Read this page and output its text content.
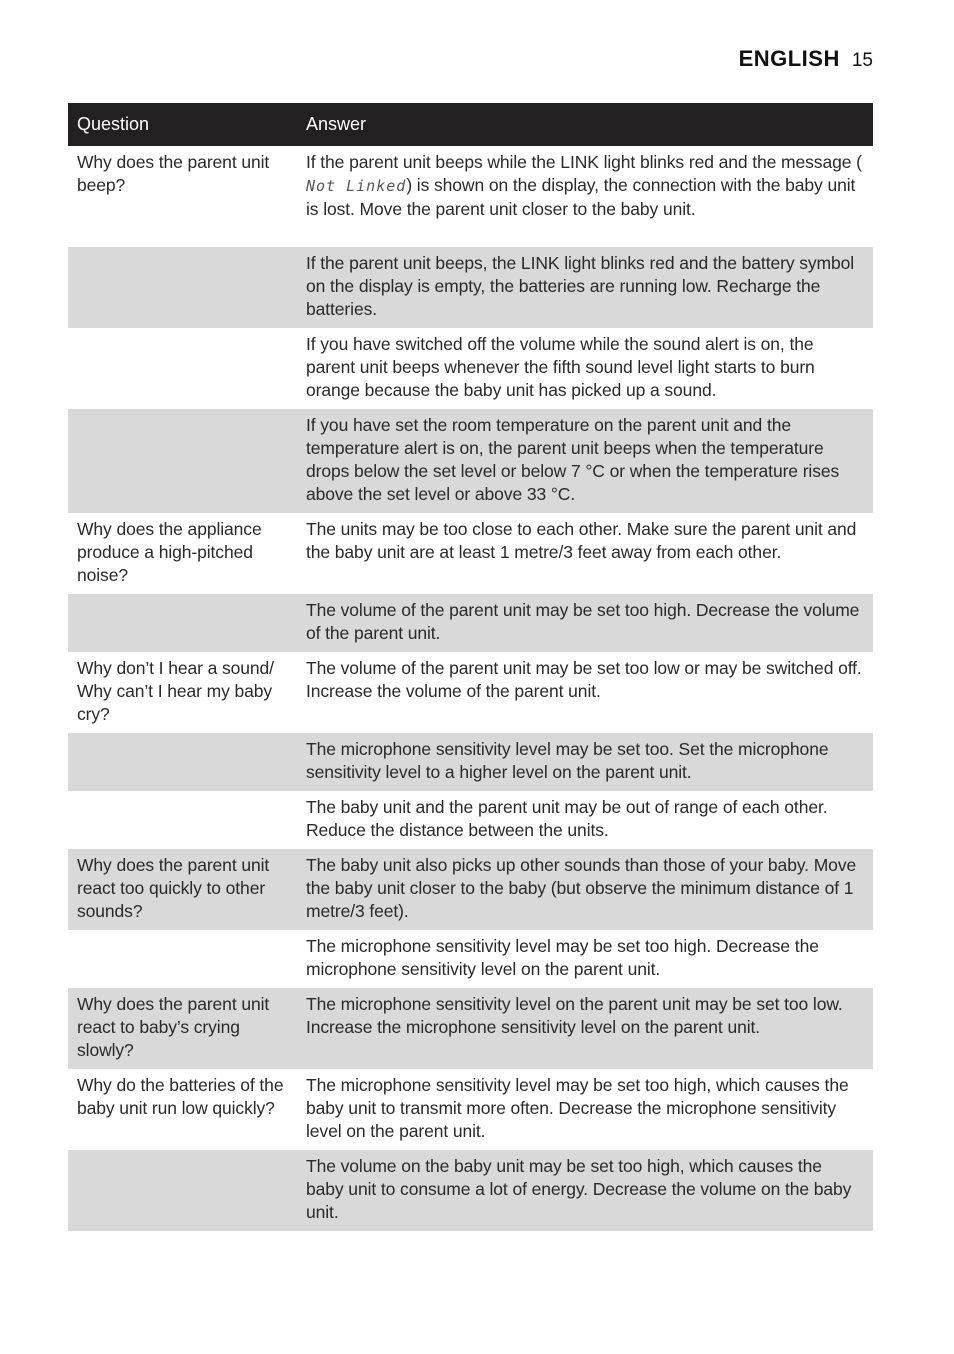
ENGLISH 15
Question	Answer
Why does the parent unit beep?	If the parent unit beeps while the LINK light blinks red and the message ( Not Linked) is shown on the display, the connection with the baby unit is lost. Move the parent unit closer to the baby unit.
	If the parent unit beeps, the LINK light blinks red and the battery symbol on the display is empty, the batteries are running low. Recharge the batteries.
	If you have switched off the volume while the sound alert is on, the parent unit beeps whenever the fifth sound level light starts to burn orange because the baby unit has picked up a sound.
	If you have set the room temperature on the parent unit and the temperature alert is on, the parent unit beeps when the temperature drops below the set level or below 7 °C or when the temperature rises above the set level or above 33 °C.
Why does the appliance produce a high-pitched noise?	The units may be too close to each other. Make sure the parent unit and the baby unit are at least 1 metre/3 feet away from each other.
	The volume of the parent unit may be set too high. Decrease the volume of the parent unit.
Why don’t I hear a sound/ Why can’t I hear my baby cry?	The volume of the parent unit may be set too low or may be switched off. Increase the volume of the parent unit.
	The microphone sensitivity level may be set too. Set the microphone sensitivity level to a higher level on the parent unit.
	The baby unit and the parent unit may be out of range of each other. Reduce the distance between the units.
Why does the parent unit react too quickly to other sounds?	The baby unit also picks up other sounds than those of your baby. Move the baby unit closer to the baby (but observe the minimum distance of 1 metre/3 feet).
	The microphone sensitivity level may be set too high. Decrease the microphone sensitivity level on the parent unit.
Why does the parent unit react to baby’s crying slowly?	The microphone sensitivity level on the parent unit may be set too low. Increase the microphone sensitivity level on the parent unit.
Why do the batteries of the baby unit run low quickly?	The microphone sensitivity level may be set too high, which causes the baby unit to transmit more often. Decrease the microphone sensitivity level on the parent unit.
	The volume on the baby unit may be set too high, which causes the baby unit to consume a lot of energy. Decrease the volume on the baby unit.
